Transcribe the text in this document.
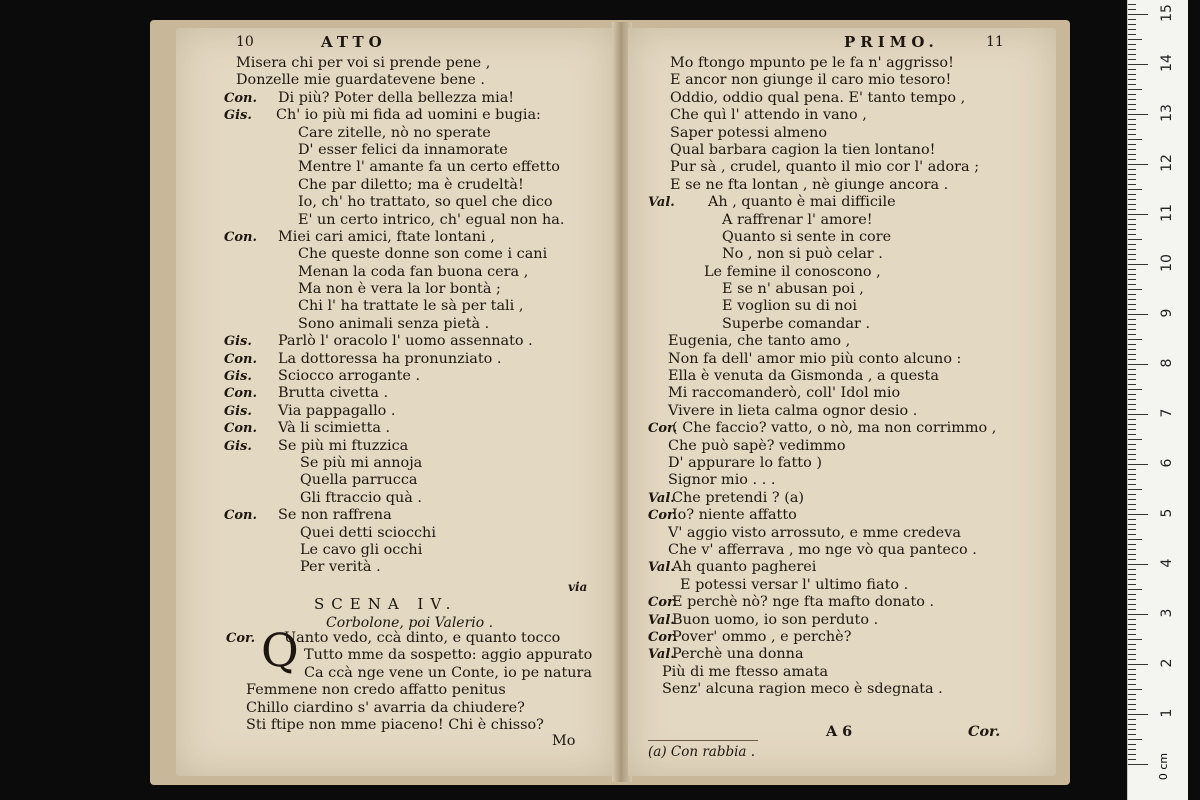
10	ATTO
Misera chi per voi si prende pene ,
Donzelle mie guardatevene bene .
Con. Di più? Poter della bellezza mia!
Gis. Ch' io più mi fida ad uomini e bugia:
Care zitelle, nò no sperate
D' esser felici da innamorate
Mentre l' amante fa un certo effetto
Che par diletto; ma è crudeltà!
Io, ch' ho trattato, so quel che dico
E' un certo intrico, ch' egual non ha.
Con. Miei cari amici, ftate lontani ,
Che queste donne son come i cani
Menan la coda fan buona cera ,
Ma non è vera la lor bontà ;
Chi l' ha trattate le sà per tali ,
Sono animali senza pietà .
Gis. Parlò l' oracolo l' uomo assennato .
Con. La dottoressa ha pronunziato .
Gis. Sciocco arrogante .
Con. Brutta civetta .
Gis. Via pappagallo .
Con. Và li scimietta .
Gis. Se più mi ftuzzica
Se più mi annoja
Quella parrucca
Gli ftraccio quà .
Con. Se non raffrena
Quei detti sciocchi
Le cavo gli occhi
Per verità .
via
SCENA IV.
Corbolone, poi Valerio .
Cor. Uanto vedo, ccà dinto, e quanto tocco
Tutto mme da sospetto: aggio appurato
Ca ccà nge vene un Conte, io pe natura
Femmene non credo affatto penitus
Chillo ciardino s' avarria da chiudere?
Sti ftipe non mme piaceno! Chi è chisso?
Q
Mo
PRIMO.	11
Mo ftongo mpunto pe le fa n' aggrisso!
E ancor non giunge il caro mio tesoro!
Oddio, oddio qual pena. E' tanto tempo ,
Che quì l' attendo in vano ,
Saper potessi almeno
Qual barbara cagion la tien lontano!
Pur sà , crudel, quanto il mio cor l' adora ;
E se ne fta lontan , nè giunge ancora .
Val. Ah , quanto è mai difficile
A raffrenar l' amore!
Quanto si sente in core
No , non si può celar .
Le femine il conoscono ,
E se n' abusan poi ,
E voglion su di noi
Superbe comandar .
Eugenia, che tanto amo ,
Non fa dell' amor mio più conto alcuno :
Ella è venuta da Gismonda , a questa
Mi raccomanderò, coll' Idol mio
Vivere in lieta calma ognor desio .
Cor.
( Che faccio? vatto, o nò, ma non corrimmo ,
Che può sapè? vedimmo
D' appurare lo fatto )
Signor mio . . .
Val.
Che pretendi ? (a)
Cor.
Io? niente affatto
V' aggio visto arrossuto, e mme credeva
Che v' afferrava , mo nge vò qua panteco .
Val.
Ah quanto pagherei
E potessi versar l' ultimo fiato .
Cor.
E perchè nò? nge fta mafto donato .
Val.
Buon uomo, io son perduto .
Cor.
Pover' ommo , e perchè?
Val.
Perchè una donna
Più di me ftesso amata
Senz' alcuna ragion meco è sdegnata .
A 6	Cor.
(a) Con rabbia .
0 cm
15
14
13
12
11
10
9
8
7
6
5
4
3
2
1
